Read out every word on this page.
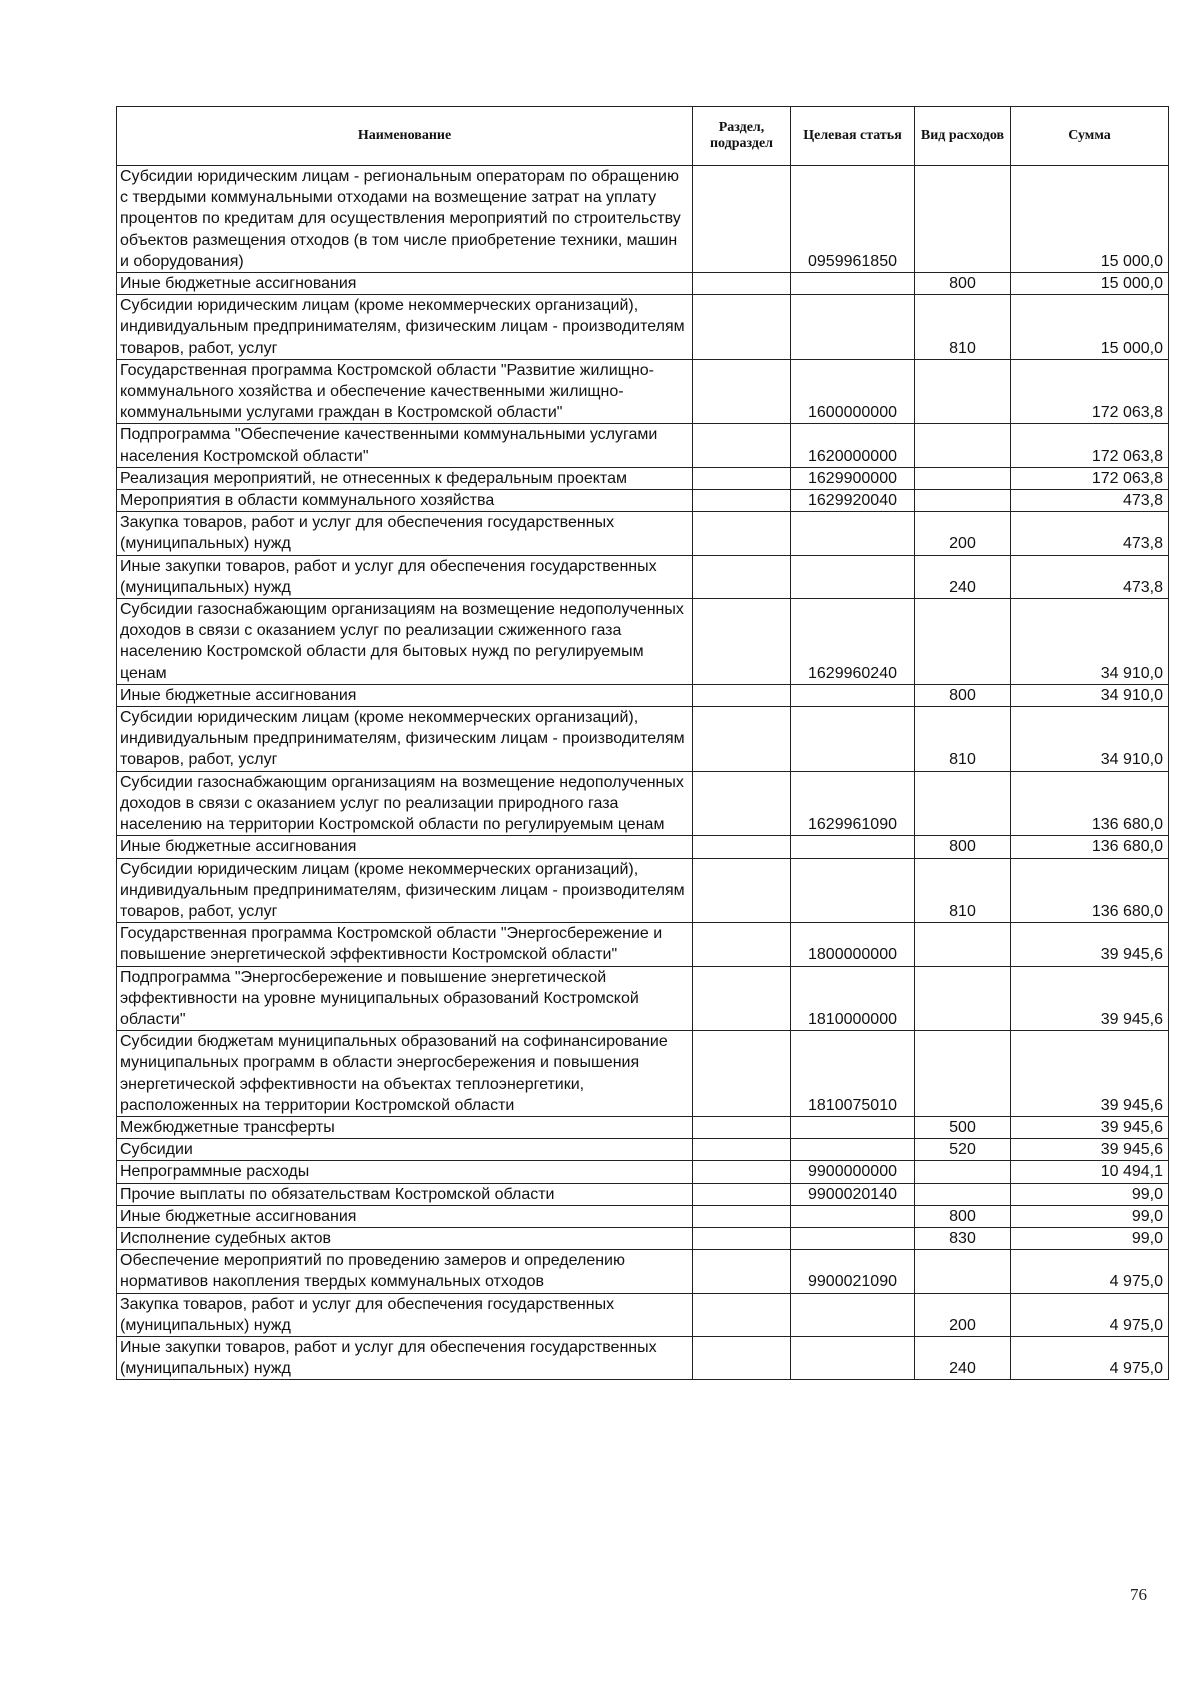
Наименование	Раздел, подраздел	Целевая статья	Вид расходов	Сумма
Субсидии юридическим лицам - региональным операторам по обращению с твердыми коммунальными отходами на возмещение затрат на уплату процентов по кредитам для осуществления мероприятий по строительству объектов размещения отходов (в том числе приобретение техники, машин и оборудования)		0959961850		15 000,0
Иные бюджетные ассигнования			800	15 000,0
Субсидии юридическим лицам (кроме некоммерческих организаций), индивидуальным предпринимателям, физическим лицам - производителям товаров, работ, услуг			810	15 000,0
Государственная программа Костромской области "Развитие жилищно-коммунального хозяйства и обеспечение качественными жилищно-коммунальными услугами граждан в Костромской области"		1600000000		172 063,8
Подпрограмма "Обеспечение качественными коммунальными услугами населения Костромской области"		1620000000		172 063,8
Реализация мероприятий, не отнесенных к федеральным проектам		1629900000		172 063,8
Мероприятия в области коммунального хозяйства		1629920040		473,8
Закупка товаров, работ и услуг для обеспечения государственных (муниципальных) нужд			200	473,8
Иные закупки товаров, работ и услуг для обеспечения государственных (муниципальных) нужд			240	473,8
Субсидии газоснабжающим организациям на возмещение недополученных доходов в связи с оказанием услуг по реализации сжиженного газа населению Костромской области для бытовых нужд по регулируемым ценам		1629960240		34 910,0
Иные бюджетные ассигнования			800	34 910,0
Субсидии юридическим лицам (кроме некоммерческих организаций), индивидуальным предпринимателям, физическим лицам - производителям товаров, работ, услуг			810	34 910,0
Субсидии газоснабжающим организациям на возмещение недополученных доходов в связи с оказанием услуг по реализации природного газа населению на территории Костромской области по регулируемым ценам		1629961090		136 680,0
Иные бюджетные ассигнования			800	136 680,0
Субсидии юридическим лицам (кроме некоммерческих организаций), индивидуальным предпринимателям, физическим лицам - производителям товаров, работ, услуг			810	136 680,0
Государственная программа Костромской области "Энергосбережение и повышение энергетической эффективности Костромской области"		1800000000		39 945,6
Подпрограмма "Энергосбережение и повышение энергетической эффективности на уровне муниципальных образований Костромской области"		1810000000		39 945,6
Субсидии бюджетам муниципальных образований на софинансирование муниципальных программ в области энергосбережения и повышения энергетической эффективности на объектах теплоэнергетики, расположенных на территории Костромской области		1810075010		39 945,6
Межбюджетные трансферты			500	39 945,6
Субсидии			520	39 945,6
Непрограммные расходы		9900000000		10 494,1
Прочие выплаты по обязательствам Костромской области		9900020140		99,0
Иные бюджетные ассигнования			800	99,0
Исполнение судебных актов			830	99,0
Обеспечение мероприятий по проведению замеров и определению нормативов накопления твердых коммунальных отходов		9900021090		4 975,0
Закупка товаров, работ и услуг для обеспечения государственных (муниципальных) нужд			200	4 975,0
Иные закупки товаров, работ и услуг для обеспечения государственных (муниципальных) нужд			240	4 975,0
76
